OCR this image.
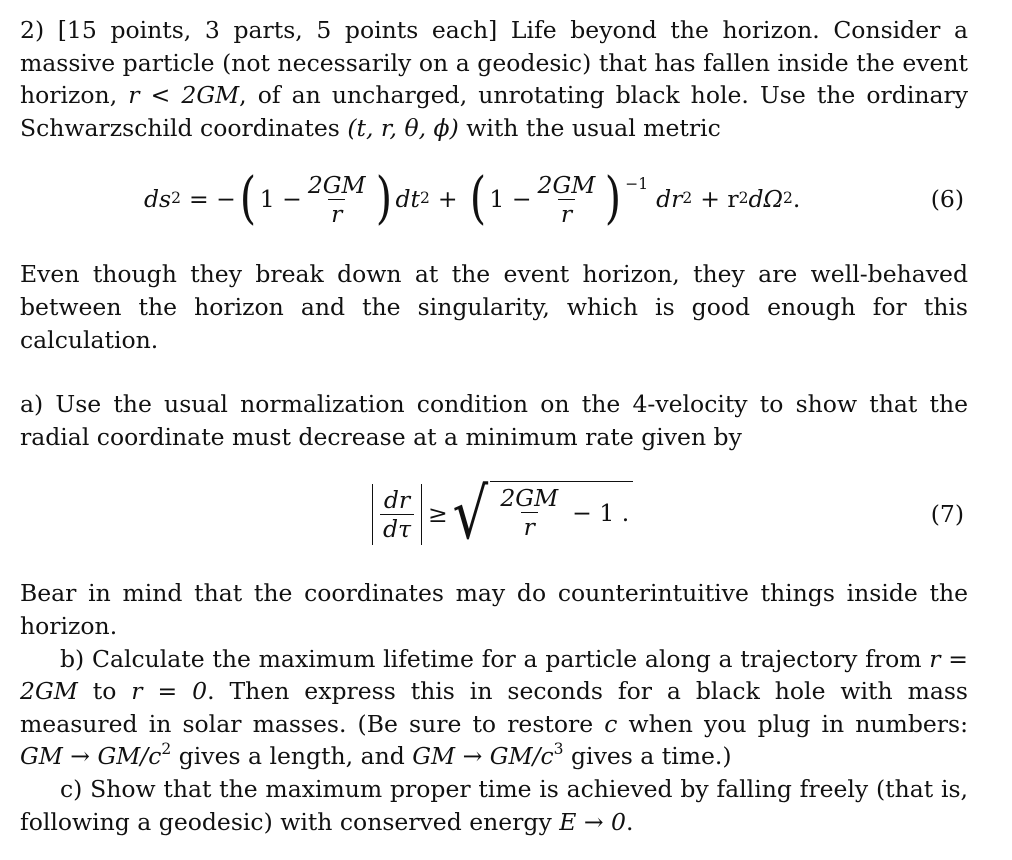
2) [15 points, 3 parts, 5 points each] Life beyond the horizon. Consider a massive particle (not necessarily on a geodesic) that has fallen inside the event horizon, r < 2GM, of an uncharged, unrotating black hole. Use the ordinary Schwarzschild coordinates (t, r, θ, ϕ) with the usual metric

$ds^2$ = − ( $1 - \frac{2GM}{r}$ ) $dt^2$ + ( $1 - \frac{2GM}{r} )^{-1}$
$dr^2 + r^2$ $d\Omega^2$ .	(6)

Even though they break down at the event horizon, they are well-behaved between the horizon and the singularity, which is good enough for this calculation.

a) Use the usual normalization condition on the 4-velocity to show that the radial coordinate must decrease at a minimum rate given by

$\frac{dr}{d\tau}$ ≥ √ $\frac{2GM}{r} - 1$ .	(7)

Bear in mind that the coordinates may do counterintuitive things inside the horizon.

b) Calculate the maximum lifetime for a particle along a trajectory from r = 2GM to r = 0. Then express this in seconds for a black hole with mass measured in solar masses. (Be sure to restore c when you plug in numbers: GM → $GM/c^2$ gives a length, and GM → $GM/c^3$ gives a time.)

c) Show that the maximum proper time is achieved by falling freely (that is, following a geodesic) with conserved energy E → 0.
